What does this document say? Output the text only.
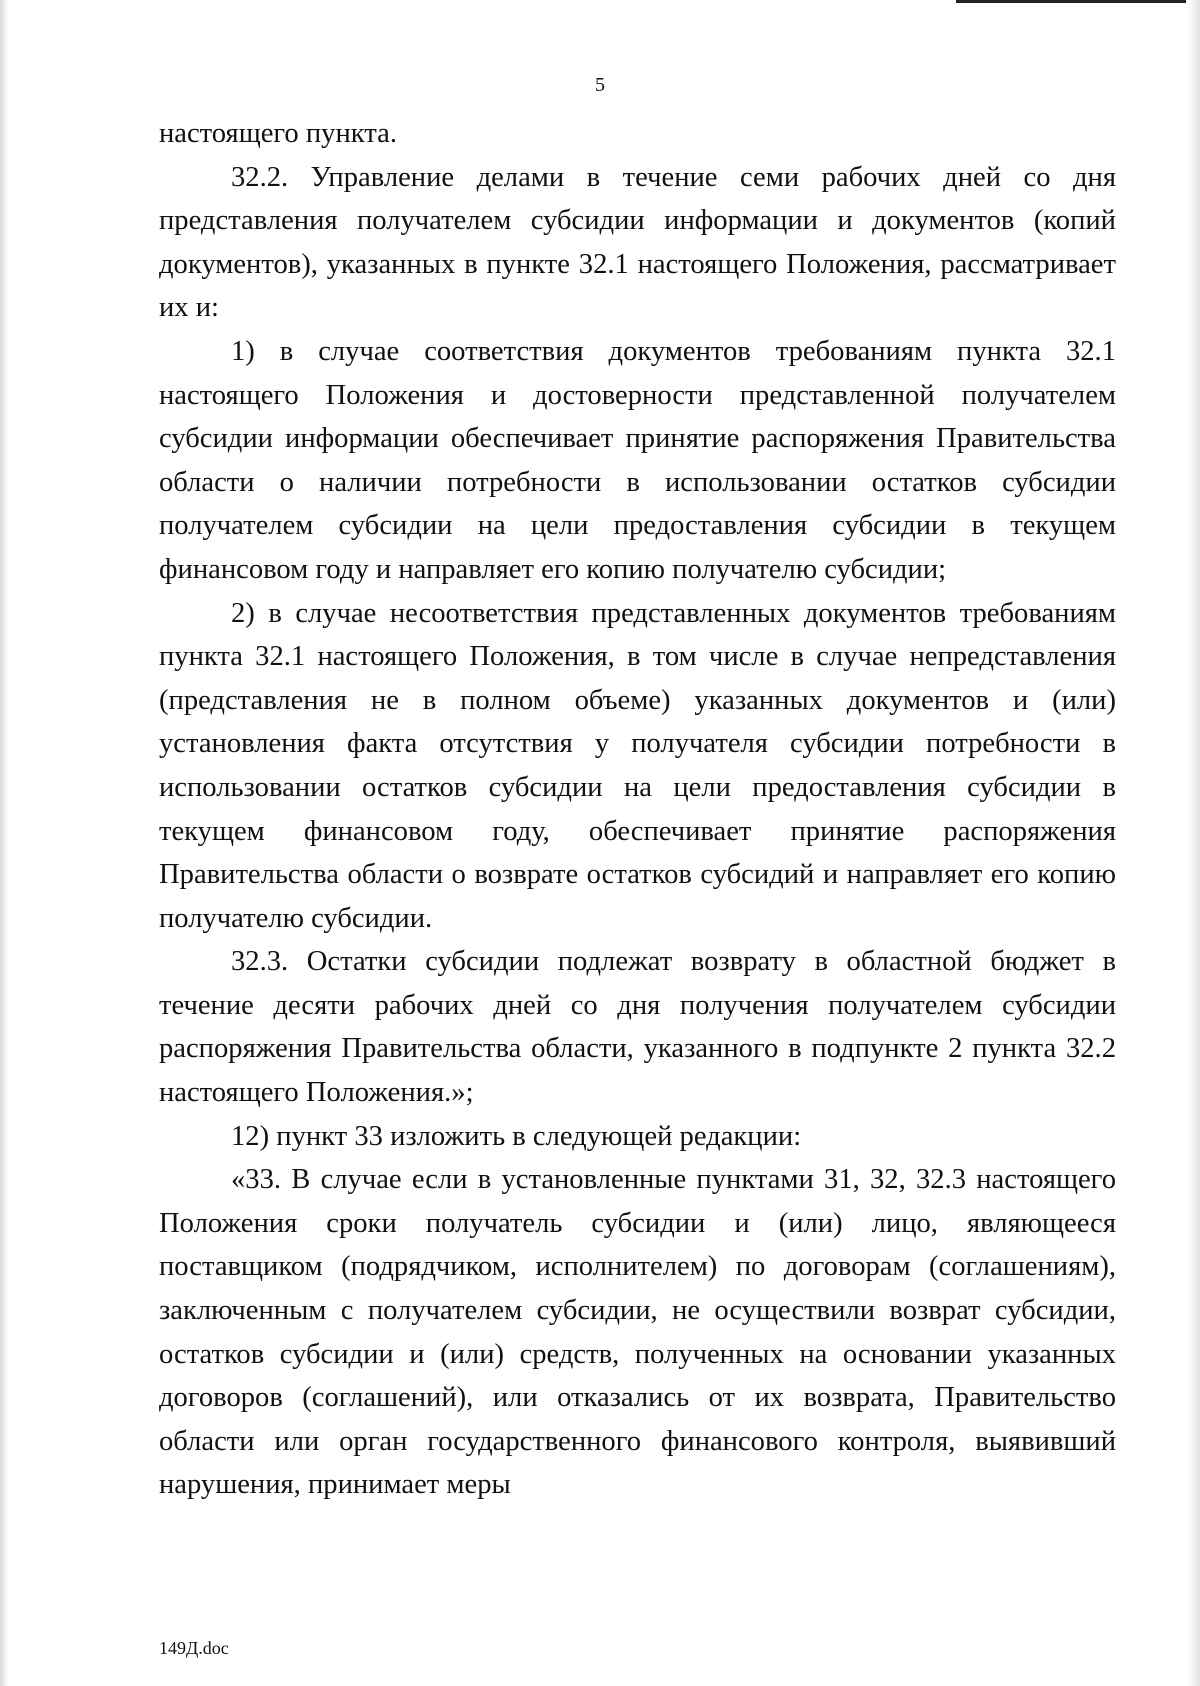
5

настоящего пункта.

32.2. Управление делами в течение семи рабочих дней со дня представления получателем субсидии информации и документов (копий документов), указанных в пункте 32.1 настоящего Положения, рассматривает их и:

1) в случае соответствия документов требованиям пункта 32.1 настоящего Положения и достоверности представленной получателем субсидии информации обеспечивает принятие распоряжения Правительства области о наличии потребности в использовании остатков субсидии получателем субсидии на цели предоставления субсидии в текущем финансовом году и направляет его копию получателю субсидии;

2) в случае несоответствия представленных документов требованиям пункта 32.1 настоящего Положения, в том числе в случае непредставления (представления не в полном объеме) указанных документов и (или) установления факта отсутствия у получателя субсидии потребности в использовании остатков субсидии на цели предоставления субсидии в текущем финансовом году, обеспечивает принятие распоряжения Правительства области о возврате остатков субсидий и направляет его копию получателю субсидии.

32.3. Остатки субсидии подлежат возврату в областной бюджет в течение десяти рабочих дней со дня получения получателем субсидии распоряжения Правительства области, указанного в подпункте 2 пункта 32.2 настоящего Положения.»;

12) пункт 33 изложить в следующей редакции:

«33. В случае если в установленные пунктами 31, 32, 32.3 настоящего Положения сроки получатель субсидии и (или) лицо, являющееся поставщиком (подрядчиком, исполнителем) по договорам (соглашениям), заключенным с получателем субсидии, не осуществили возврат субсидии, остатков субсидии и (или) средств, полученных на основании указанных договоров (соглашений), или отказались от их возврата, Правительство области или орган государственного финансового контроля, выявивший нарушения, принимает меры

149Д.doc
